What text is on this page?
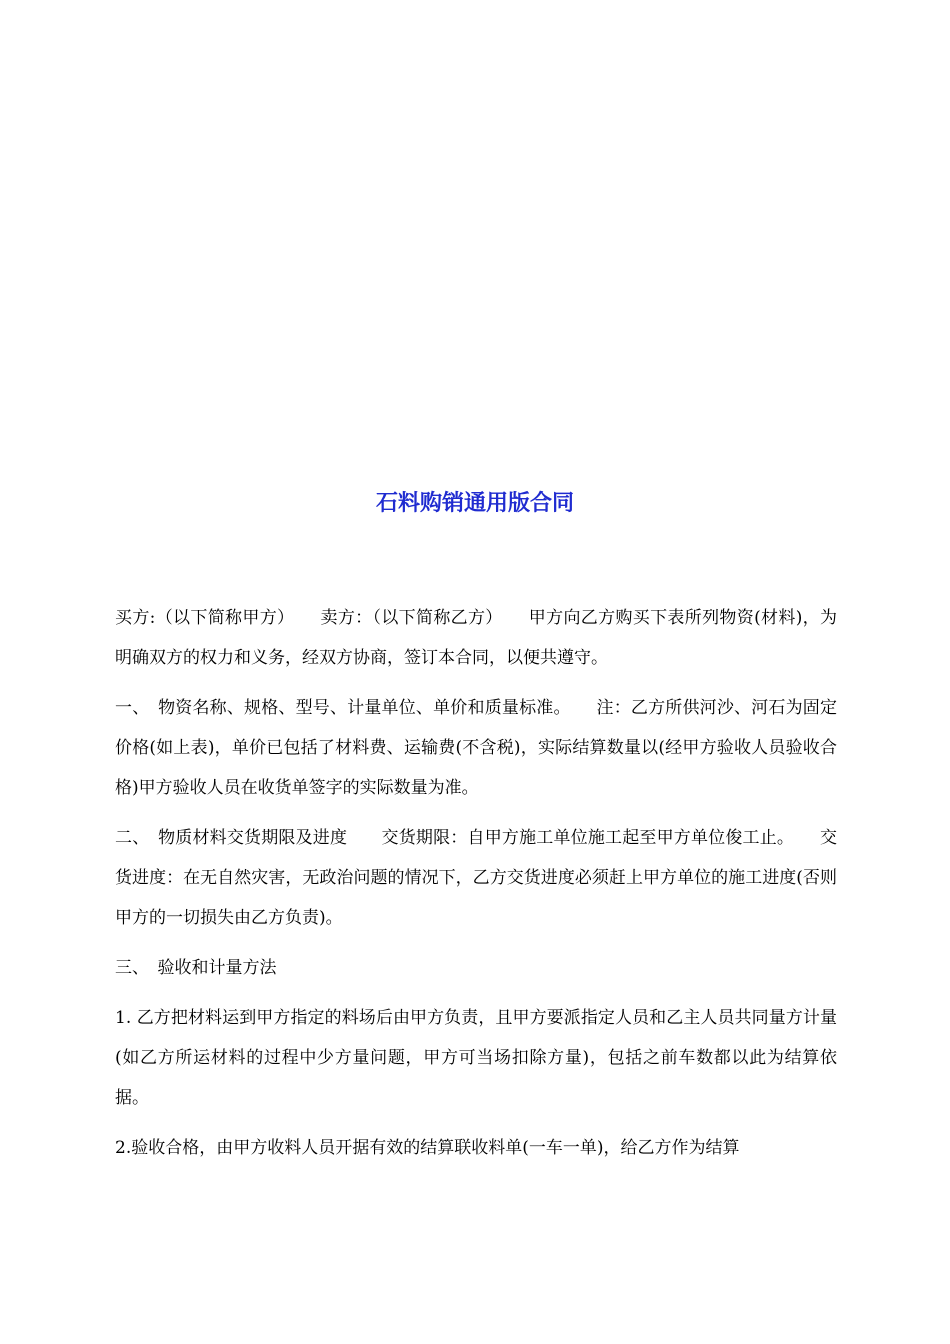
石料购销通用版合同

买方:（以下简称甲方）　　卖方：（以下简称乙方）　　甲方向乙方购买下表所列物资(材料)，为明确双方的权力和义务，经双方协商，签订本合同，以便共遵守。

一、　物资名称、规格、型号、计量单位、单价和质量标准。　　注：乙方所供河沙、河石为固定价格(如上表)，单价已包括了材料费、运输费(不含税)，实际结算数量以(经甲方验收人员验收合格)甲方验收人员在收货单签字的实际数量为准。

二、　物质材料交货期限及进度　　交货期限：自甲方施工单位施工起至甲方单位俊工止。　　交货进度：在无自然灾害，无政治问题的情况下，乙方交货进度必须赶上甲方单位的施工进度(否则甲方的一切损失由乙方负责)。

三、　验收和计量方法

1. 乙方把材料运到甲方指定的料场后由甲方负责，且甲方要派指定人员和乙主人员共同量方计量(如乙方所运材料的过程中少方量问题，甲方可当场扣除方量)，包括之前车数都以此为结算依据。

2.验收合格，由甲方收料人员开据有效的结算联收料单(一车一单)，给乙方作为结算
